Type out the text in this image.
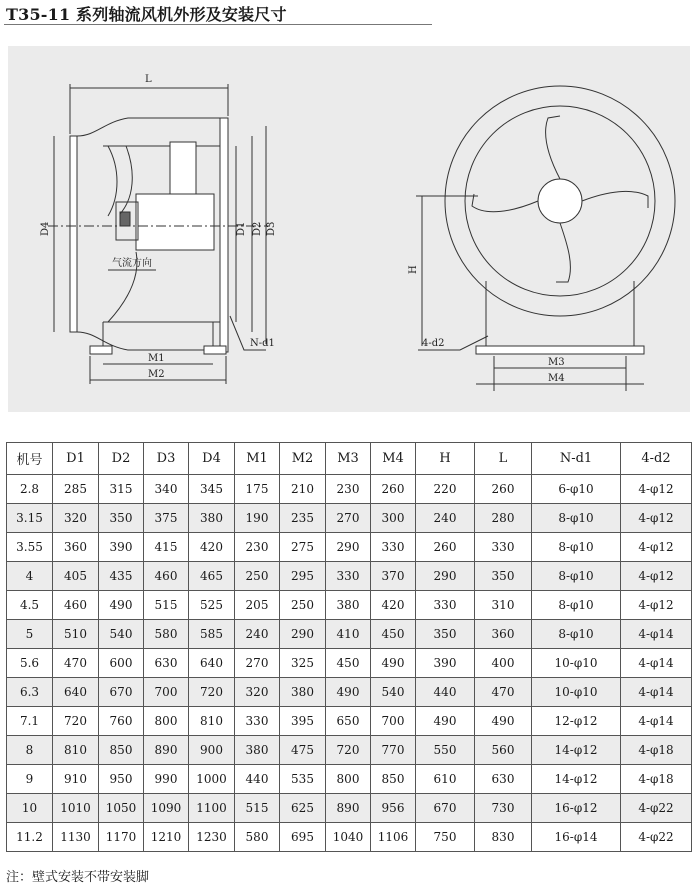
T35-11 系列轴流风机外形及安装尺寸
L
D4	D1 D2 D3
气流方向
M1
M2
N-d1
H
M3
M4
4-d2
机号	D1	D2	D3	D4	M1	M2	M3	M4	H	L	N-d1	4-d2
2.8	285	315	340	345	175	210	230	260	220	260	6-φ10	4-φ12
3.15	320	350	375	380	190	235	270	300	240	280	8-φ10	4-φ12
3.55	360	390	415	420	230	275	290	330	260	330	8-φ10	4-φ12
4	405	435	460	465	250	295	330	370	290	350	8-φ10	4-φ12
4.5	460	490	515	525	205	250	380	420	330	310	8-φ10	4-φ12
5	510	540	580	585	240	290	410	450	350	360	8-φ10	4-φ14
5.6	470	600	630	640	270	325	450	490	390	400	10-φ10	4-φ14
6.3	640	670	700	720	320	380	490	540	440	470	10-φ10	4-φ14
7.1	720	760	800	810	330	395	650	700	490	490	12-φ12	4-φ14
8	810	850	890	900	380	475	720	770	550	560	14-φ12	4-φ18
9	910	950	990	1000	440	535	800	850	610	630	14-φ12	4-φ18
10	1010	1050	1090	1100	515	625	890	956	670	730	16-φ12	4-φ22
11.2	1130	1170	1210	1230	580	695	1040	1106	750	830	16-φ14	4-φ22
注：壁式安装不带安装脚
